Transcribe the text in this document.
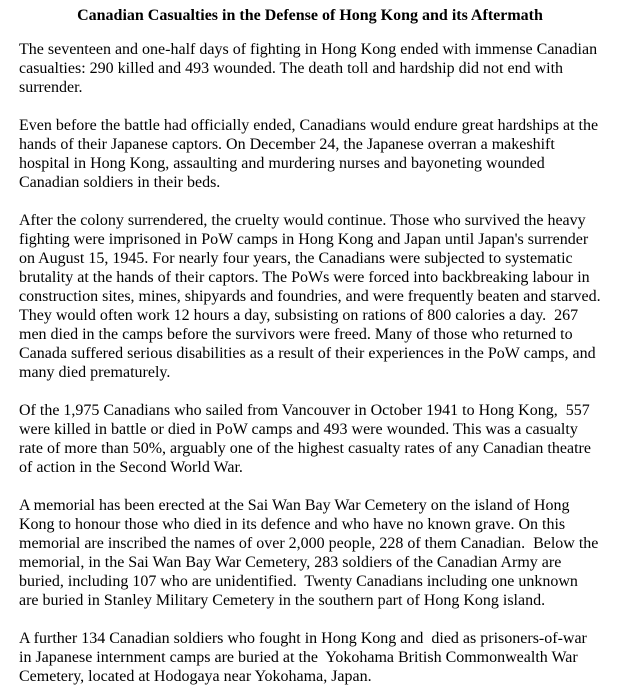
Canadian Casualties in the Defense of Hong Kong and its Aftermath

The seventeen and one-half days of fighting in Hong Kong ended with immense Canadian casualties: 290 killed and 493 wounded. The death toll and hardship did not end with surrender.

Even before the battle had officially ended, Canadians would endure great hardships at the hands of their Japanese captors. On December 24, the Japanese overran a makeshift hospital in Hong Kong, assaulting and murdering nurses and bayoneting wounded Canadian soldiers in their beds.

After the colony surrendered, the cruelty would continue. Those who survived the heavy fighting were imprisoned in PoW camps in Hong Kong and Japan until Japan's surrender on August 15, 1945. For nearly four years, the Canadians were subjected to systematic brutality at the hands of their captors. The PoWs were forced into backbreaking labour in construction sites, mines, shipyards and foundries, and were frequently beaten and starved.  They would often work 12 hours a day, subsisting on rations of 800 calories a day.  267 men died in the camps before the survivors were freed. Many of those who returned to Canada suffered serious disabilities as a result of their experiences in the PoW camps, and many died prematurely.

Of the 1,975 Canadians who sailed from Vancouver in October 1941 to Hong Kong,  557 were killed in battle or died in PoW camps and 493 were wounded. This was a casualty rate of more than 50%, arguably one of the highest casualty rates of any Canadian theatre of action in the Second World War.

A memorial has been erected at the Sai Wan Bay War Cemetery on the island of Hong Kong to honour those who died in its defence and who have no known grave. On this memorial are inscribed the names of over 2,000 people, 228 of them Canadian.  Below the memorial, in the Sai Wan Bay War Cemetery, 283 soldiers of the Canadian Army are buried, including 107 who are unidentified.  Twenty Canadians including one unknown are buried in Stanley Military Cemetery in the southern part of Hong Kong island.

A further 134 Canadian soldiers who fought in Hong Kong and  died as prisoners-of-war in Japanese internment camps are buried at the  Yokohama British Commonwealth War Cemetery, located at Hodogaya near Yokohama, Japan.
